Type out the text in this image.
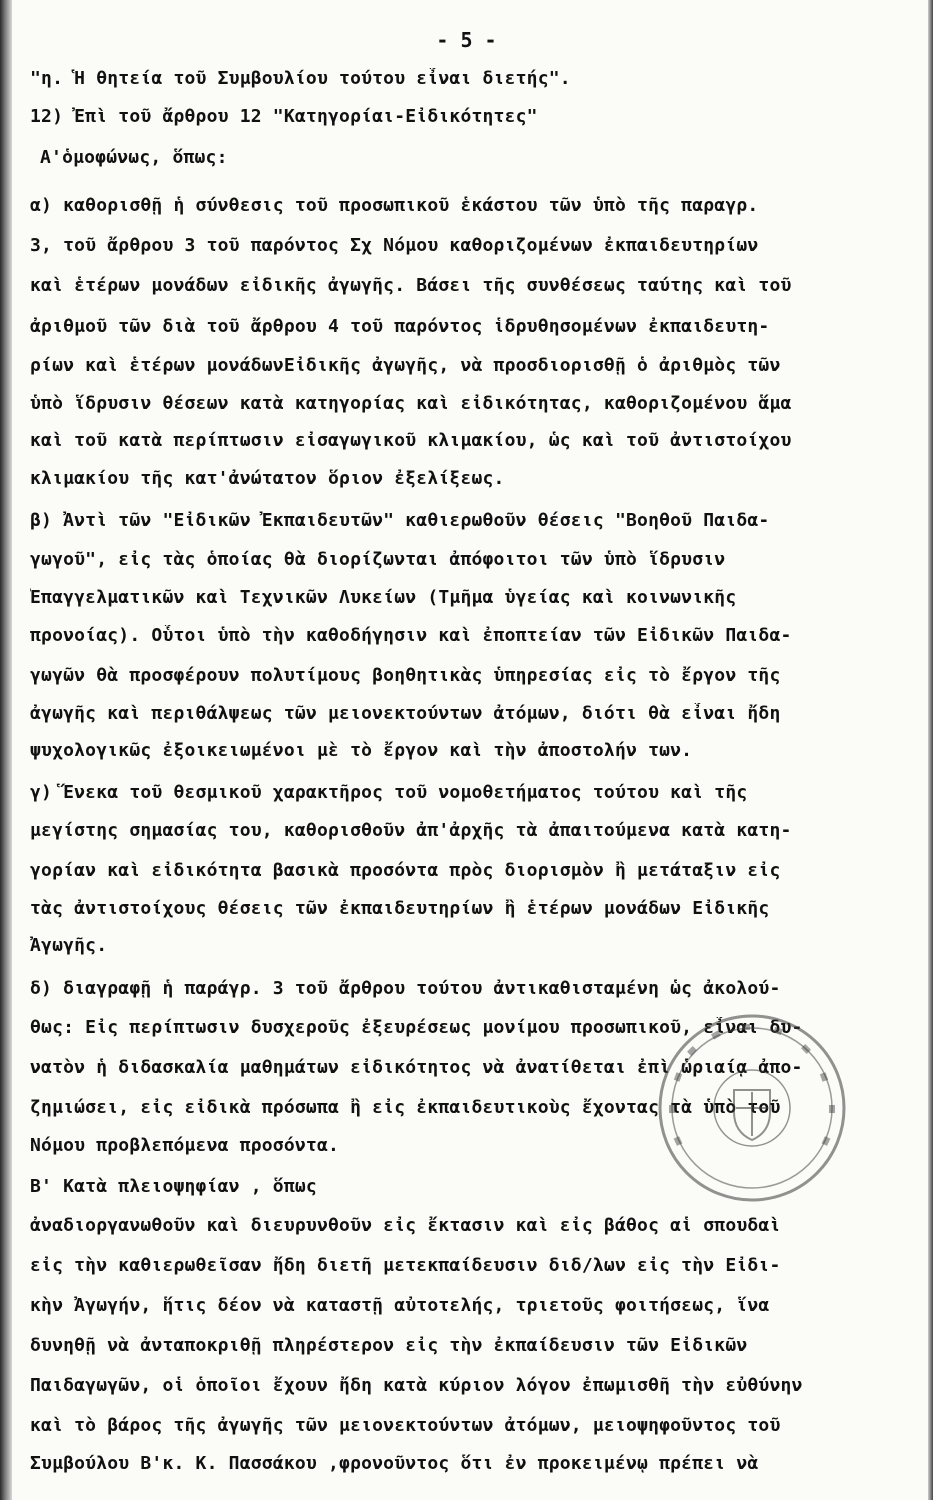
- 5 -
"η. Ἡ θητεία τοῦ Συμβουλίου τούτου εἶναι διετής".
12) Ἐπὶ τοῦ ἄρθρου 12 "Κατηγορίαι-Εἰδικότητες"
Α'ὁμοφώνως, ὅπως:
α) καθορισθῇ ἡ σύνθεσις τοῦ προσωπικοῦ ἑκάστου τῶν ὑπὸ τῆς παραγρ.
3, τοῦ ἄρθρου 3 τοῦ παρόντος Σχ Νόμου καθοριζομένων ἐκπαιδευτηρίων
καὶ ἑτέρων μονάδων εἰδικῆς ἀγωγῆς. Βάσει τῆς συνθέσεως ταύτης καὶ τοῦ
ἀριθμοῦ τῶν διὰ τοῦ ἄρθρου 4 τοῦ παρόντος ἱδρυθησομένων ἐκπαιδευτη-
ρίων καὶ ἑτέρων μονάδωνΕἰδικῆς ἀγωγῆς, νὰ προσδιορισθῇ ὁ ἀριθμὸς τῶν
ὑπὸ ἵδρυσιν θέσεων κατὰ κατηγορίας καὶ εἰδικότητας, καθοριζομένου ἅμα
καὶ τοῦ κατὰ περίπτωσιν εἰσαγωγικοῦ κλιμακίου, ὡς καὶ τοῦ ἀντιστοίχου
κλιμακίου τῆς κατ'ἀνώτατον ὅριον ἐξελίξεως.
β) Ἀντὶ τῶν "Εἰδικῶν Ἐκπαιδευτῶν" καθιερωθοῦν θέσεις "Βοηθοῦ Παιδα-
γωγοῦ", εἰς τὰς ὁποίας θὰ διορίζωνται ἀπόφοιτοι τῶν ὑπὸ ἵδρυσιν
Ἐπαγγελματικῶν καὶ Τεχνικῶν Λυκείων (Τμῆμα ὑγείας καὶ κοινωνικῆς
προνοίας). Οὗτοι ὑπὸ τὴν καθοδήγησιν καὶ ἐποπτείαν τῶν Εἰδικῶν Παιδα-
γωγῶν θὰ προσφέρουν πολυτίμους βοηθητικὰς ὑπηρεσίας εἰς τὸ ἔργον τῆς
ἀγωγῆς καὶ περιθάλψεως τῶν μειονεκτούντων ἀτόμων, διότι θὰ εἶναι ἤδη
ψυχολογικῶς ἐξοικειωμένοι μὲ τὸ ἔργον καὶ τὴν ἀποστολήν των.
γ) Ἕνεκα τοῦ θεσμικοῦ χαρακτῆρος τοῦ νομοθετήματος τούτου καὶ τῆς
μεγίστης σημασίας του, καθορισθοῦν ἀπ'ἀρχῆς τὰ ἀπαιτούμενα κατὰ κατη-
γορίαν καὶ εἰδικότητα βασικὰ προσόντα πρὸς διορισμὸν ἢ μετάταξιν εἰς
τὰς ἀντιστοίχους θέσεις τῶν ἐκπαιδευτηρίων ἢ ἑτέρων μονάδων Εἰδικῆς
Ἀγωγῆς.
δ) διαγραφῇ ἡ παράγρ. 3 τοῦ ἄρθρου τούτου ἀντικαθισταμένη ὡς ἀκολού-
θως: Εἰς περίπτωσιν δυσχεροῦς ἐξευρέσεως μονίμου προσωπικοῦ, εἶναι δυ-
νατὸν ἡ διδασκαλία μαθημάτων εἰδικότητος νὰ ἀνατίθεται ἐπὶ ὡριαίᾳ ἀπο-
ζημιώσει, εἰς εἰδικὰ πρόσωπα ἢ εἰς ἐκπαιδευτικοὺς ἔχοντας τὰ ὑπὸ τοῦ
Νόμου προβλεπόμενα προσόντα.
Β' Κατὰ πλειοψηφίαν , ὅπως
ἀναδιοργανωθοῦν καὶ διευρυνθοῦν εἰς ἔκτασιν καὶ εἰς βάθος αἱ σπουδαὶ
εἰς τὴν καθιερωθεῖσαν ἤδη διετῆ μετεκπαίδευσιν διδ/λων εἰς τὴν Εἰδι-
κὴν Ἀγωγήν, ἥτις δέον νὰ καταστῇ αὐτοτελής, τριετοῦς φοιτήσεως, ἵνα
δυνηθῇ νὰ ἀνταποκριθῇ πληρέστερον εἰς τὴν ἐκπαίδευσιν τῶν Εἰδικῶν
Παιδαγωγῶν, οἱ ὁποῖοι ἔχουν ἤδη κατὰ κύριον λόγον ἐπωμισθῆ τὴν εὐθύνην
καὶ τὸ βάρος τῆς ἀγωγῆς τῶν μειονεκτούντων ἀτόμων, μειοψηφοῦντος τοῦ
Συμβούλου Β'κ. Κ. Πασσάκου ,φρονοῦντος ὅτι ἐν προκειμένῳ πρέπει νὰ
